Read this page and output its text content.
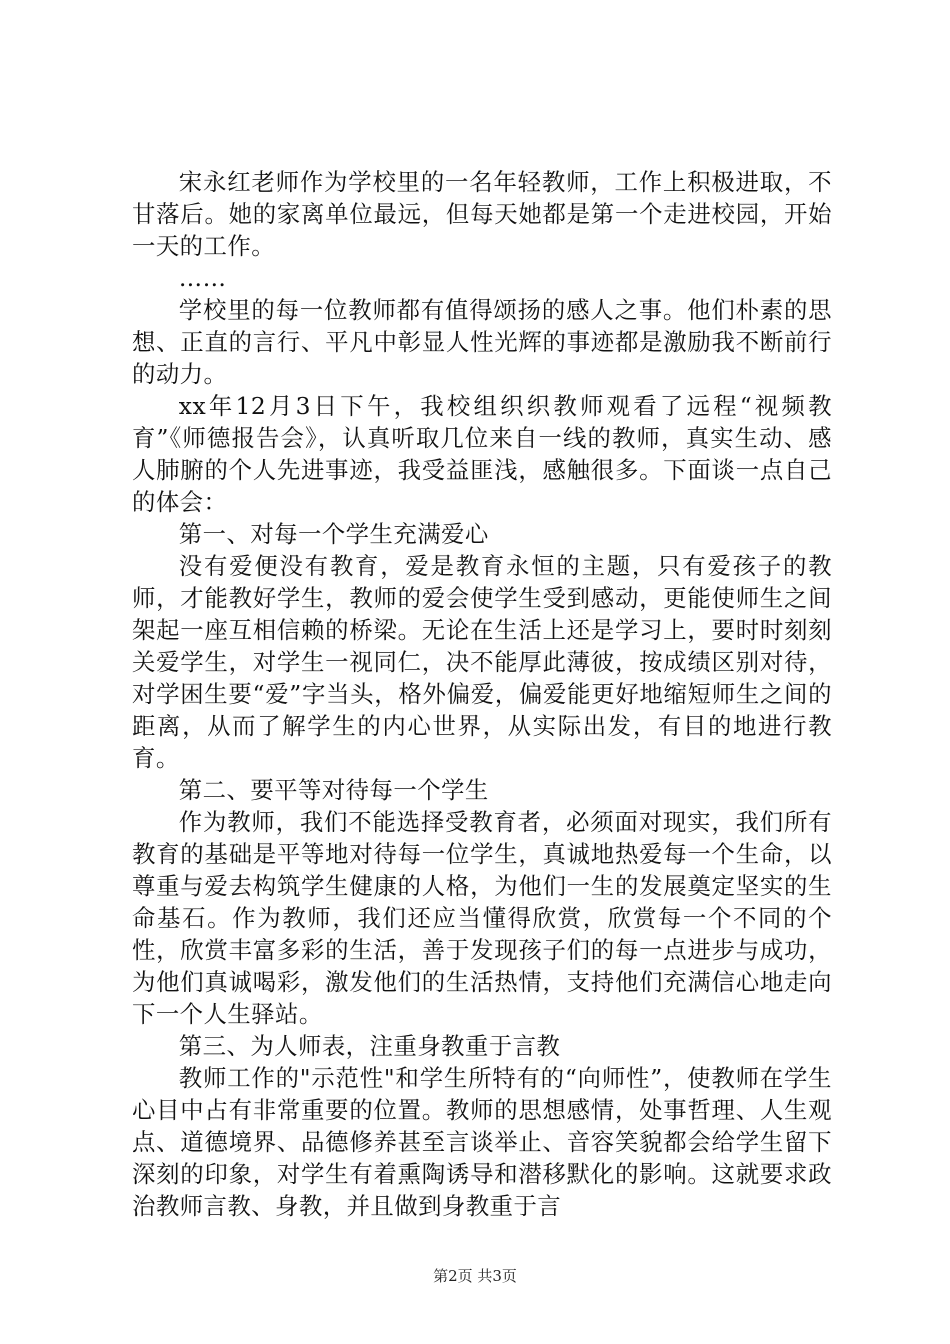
宋永红老师作为学校里的一名年轻教师，工作上积极进取，不甘落后。她的家离单位最远，但每天她都是第一个走进校园，开始一天的工作。

……

学校里的每一位教师都有值得颂扬的感人之事。他们朴素的思想、正直的言行、平凡中彰显人性光辉的事迹都是激励我不断前行的动力。

xx年12月3日下午，我校组织织教师观看了远程“视频教育”《师德报告会》，认真听取几位来自一线的教师，真实生动、感人肺腑的个人先进事迹，我受益匪浅，感触很多。下面谈一点自己的体会：

第一、对每一个学生充满爱心

没有爱便没有教育，爱是教育永恒的主题，只有爱孩子的教师，才能教好学生，教师的爱会使学生受到感动，更能使师生之间架起一座互相信赖的桥梁。无论在生活上还是学习上，要时时刻刻关爱学生，对学生一视同仁，决不能厚此薄彼，按成绩区别对待，对学困生要“爱”字当头，格外偏爱，偏爱能更好地缩短师生之间的距离，从而了解学生的内心世界，从实际出发，有目的地进行教育。

第二、要平等对待每一个学生

作为教师，我们不能选择受教育者，必须面对现实，我们所有教育的基础是平等地对待每一位学生，真诚地热爱每一个生命，以尊重与爱去构筑学生健康的人格，为他们一生的发展奠定坚实的生命基石。作为教师，我们还应当懂得欣赏，欣赏每一个不同的个性，欣赏丰富多彩的生活，善于发现孩子们的每一点进步与成功，为他们真诚喝彩，激发他们的生活热情，支持他们充满信心地走向下一个人生驿站。

第三、为人师表，注重身教重于言教

教师工作的"示范性"和学生所特有的“向师性”，使教师在学生心目中占有非常重要的位置。教师的思想感情，处事哲理、人生观点、道德境界、品德修养甚至言谈举止、音容笑貌都会给学生留下深刻的印象，对学生有着熏陶诱导和潜移默化的影响。这就要求政治教师言教、身教，并且做到身教重于言

第2页 共3页
